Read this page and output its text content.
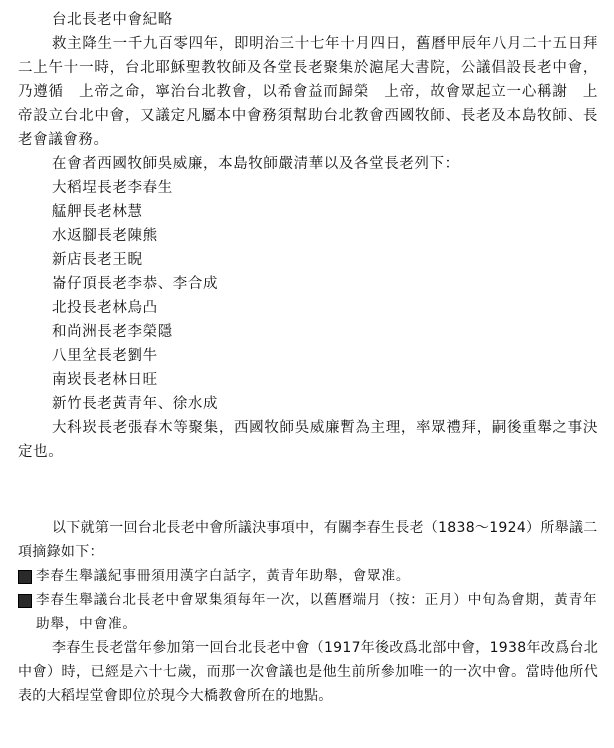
台北長老中會紀略

救主降生一千九百零四年，即明治三十七年十月四日，舊曆甲辰年八月二十五日拜二上午十一時，台北耶穌聖教牧師及各堂長老聚集於滬尾大書院，公議倡設長老中會，乃遵循　上帝之命，寧治台北教會，以希會益而歸榮　上帝，故會眾起立一心稱謝　上帝設立台北中會，又議定凡屬本中會務須幫助台北教會西國牧師、長老及本島牧師、長老會議會務。

在會者西國牧師吳威廉，本島牧師嚴清華以及各堂長老列下：

大稻埕長老李春生
艋舺長老林慧
水返腳長老陳熊
新店長老王睨
崙仔頂長老李恭、李合成
北投長老林烏凸
和尚洲長老李榮隱
八里坌長老劉牛
南崁長老林日旺
新竹長老黃青年、徐水成

大科崁長老張春木等聚集，西國牧師吳威廉暫為主理，率眾禮拜，嗣後重舉之事決定也。

以下就第一回台北長老中會所議決事項中，有關李春生長老（1838～1924）所舉議二項摘錄如下：

李春生舉議紀事冊須用漢字白話字，黃青年助舉，會眾准。
李春生舉議台北長老中會眾集須每年一次，以舊曆端月（按：正月）中旬為會期，黃青年助舉，中會准。

李春生長老當年參加第一回台北長老中會（1917年後改爲北部中會，1938年改爲台北中會）時，已經是六十七歲，而那一次會議也是他生前所參加唯一的一次中會。當時他所代表的大稻埕堂會即位於現今大橋教會所在的地點。
